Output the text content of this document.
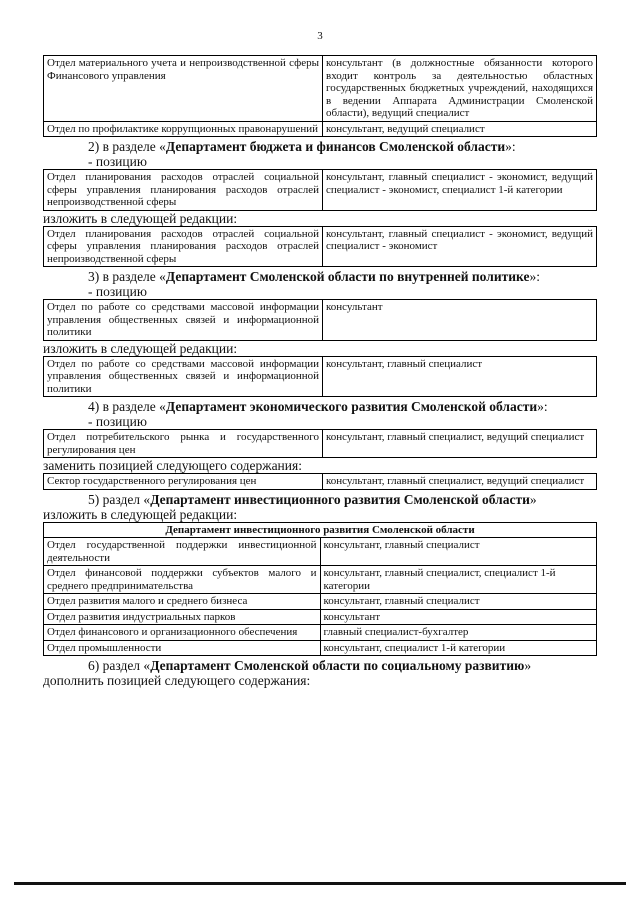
3
Отдел материального учета и непроизводственной сферы Финансового управления	консультант (в должностные обязанности которого входит контроль за деятельностью областных государственных бюджетных учреждений, находящихся в ведении Аппарата Администрации Смоленской области), ведущий специалист
Отдел по профилактике коррупционных правонарушений	консультант, ведущий специалист

2) в разделе «Департамент бюджета и финансов Смоленской области»:

- позицию

Отдел планирования расходов отраслей социальной сферы управления планирования расходов отраслей непроизводственной сферы	консультант, главный специалист - экономист, ведущий специалист - экономист, специалист 1-й категории

изложить в следующей редакции:

Отдел планирования расходов отраслей социальной сферы управления планирования расходов отраслей непроизводственной сферы	консультант, главный специалист - экономист, ведущий специалист - экономист

3) в разделе «Департамент Смоленской области по внутренней политике»:

- позицию

Отдел по работе со средствами массовой информации управления общественных связей и информационной политики	консультант

изложить в следующей редакции:

Отдел по работе со средствами массовой информации управления общественных связей и информационной политики	консультант, главный специалист

4) в разделе «Департамент экономического развития Смоленской области»:

- позицию

Отдел потребительского рынка и государственного регулирования цен	консультант, главный специалист, ведущий специалист

заменить позицией следующего содержания:

Сектор государственного регулирования цен	консультант, главный специалист, ведущий специалист

5) раздел «Департамент инвестиционного развития Смоленской области»

изложить в следующей редакции:

Департамент инвестиционного развития Смоленской области	
Отдел государственной поддержки инвестиционной деятельности	консультант, главный специалист
Отдел финансовой поддержки субъектов малого и среднего предпринимательства	консультант, главный специалист, специалист 1-й категории
Отдел развития малого и среднего бизнеса	консультант, главный специалист
Отдел развития индустриальных парков	консультант
Отдел финансового и организационного обеспечения	главный специалист-бухгалтер
Отдел промышленности	консультант, специалист 1-й категории

6) раздел «Департамент Смоленской области по социальному развитию»

дополнить позицией следующего содержания:
